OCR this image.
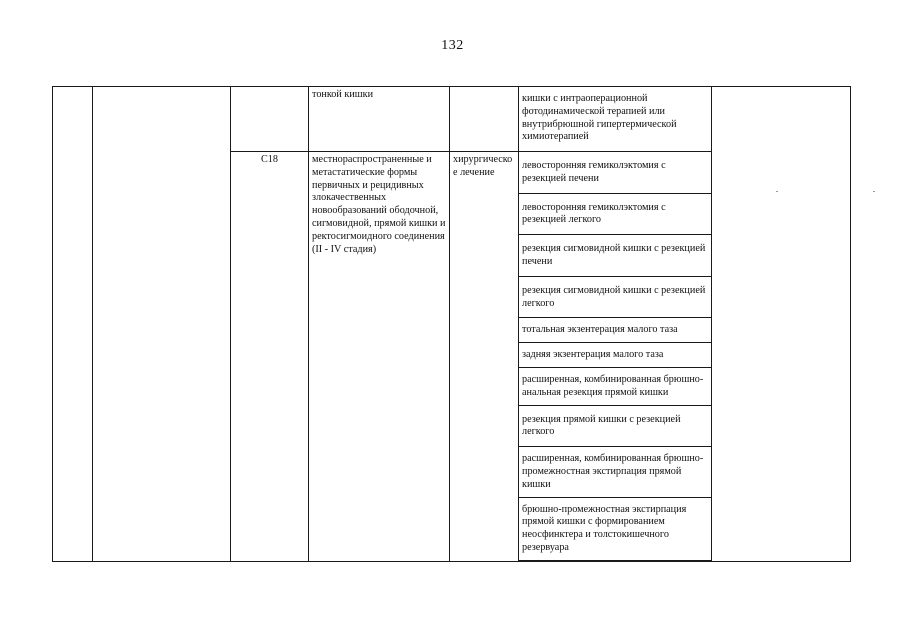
132
			тонкой кишки		кишки с интраоперационной фотодинамической терапией или внутрибрюшной гипертермической химиотерапией	
		C18	местнораспространенные и метастатические формы первичных и рецидивных злокачественных новообразований ободочной, сигмовидной, прямой кишки и ректосигмоидного соединения (II - IV стадия)	хирургическое лечение	левосторонняя гемиколэктомия с резекцией печени	
					левосторонняя гемиколэктомия с резекцией легкого	
					резекция сигмовидной кишки с резекцией печени	
					резекция сигмовидной кишки с резекцией легкого	
					тотальная экзентерация малого таза	
					задняя экзентерация малого таза	
					расширенная, комбинированная брюшно-анальная резекция прямой кишки	
					резекция прямой кишки с резекцией легкого	
					расширенная, комбинированная брюшно-промежностная экстирпация прямой кишки	
					брюшно-промежностная экстирпация прямой кишки с формированием неосфинктера и толстокишечного резервуара	
